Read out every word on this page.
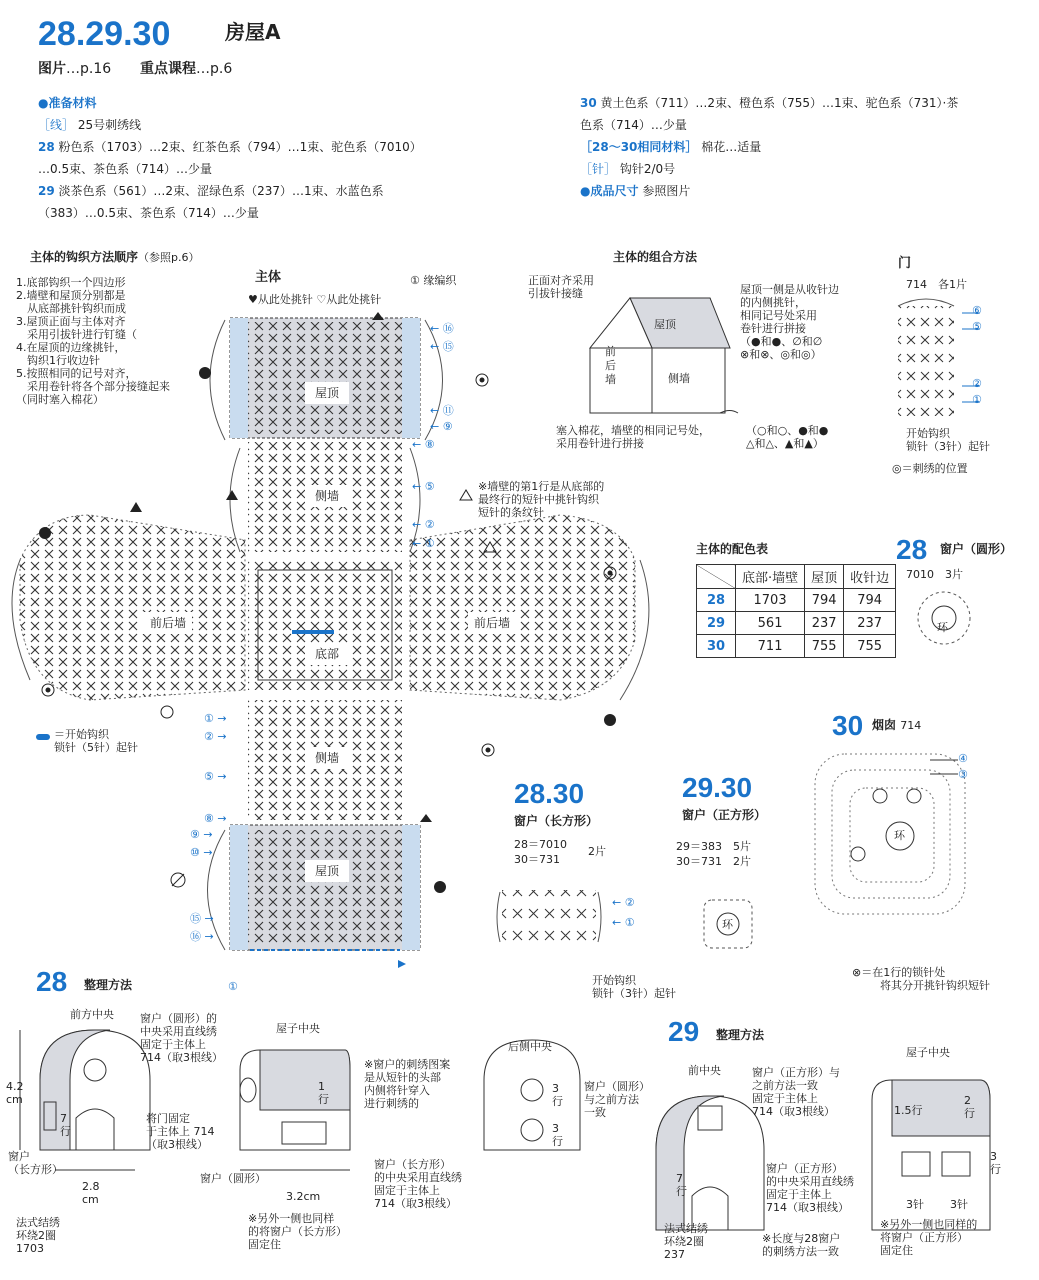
28.29.30	房屋A
图片…p.16 重点课程…p.6
●准备材料
［线］ 25号刺绣线
28 粉色系（1703）…2束、红茶色系（794）…1束、驼色系（7010）
…0.5束、茶色系（714）…少量
29 淡茶色系（561）…2束、涩绿色系（237）…1束、水蓝色系
（383）…0.5束、茶色系（714）…少量
30 黄土色系（711）…2束、橙色系（755）…1束、驼色系（731）·茶
色系（714）…少量
［28～30相同材料］ 棉花…适量
［针］ 钩针2/0号
●成品尺寸 参照图片
主体的钩织方法顺序（参照p.6）
1.底部钩织一个四边形
2.墙壁和屋顶分别都是
　从底部挑针钩织而成
3.屋顶正面与主体对齐
　采用引拔针进行钉缝（
4.在屋顶的边缘挑针，
　钩织1行收边针
5.按照相同的记号对齐，
　采用卷针将各个部分接缝起来
（同时塞入棉花）
主体
♥从此处挑针 ♡从此处挑针
① 缘编织
屋顶
侧墙
底部
侧墙
屋顶
前后墙	前后墙
※墙壁的第1行是从底部的
最终行的短针中挑针钩织
短针的条纹针
＝开始钩织
锁针（5针）起针
← ⑯
← ⑮
← ⑪
← ⑨
← ⑧
← ⑤
← ②
← ①
① →
② →
⑤ →
⑧ →
⑨ →
⑩ →
⑮ →
⑯ →
①
主体的组合方法
屋顶
前后墙	侧墙
正面对齐采用
引拔针接缝	屋顶一侧是从收针边
的内侧挑针，
相同记号处采用
卷针进行拼接
（●和●、∅和∅
⊗和⊗、◎和◎）
塞入棉花，墙壁的相同记号处，
采用卷针进行拼接
（○和○、●和●
△和△、▲和▲）
门
714　 各1片
⑥
⑤
②
①
开始钩织
锁针（3针）起针
◎＝刺绣的位置
主体的配色表
	底部·墙壁	屋顶	收针边
28	1703	794	794
29	561	237	237
30	711	755	755
28 窗户（圆形）
7010　 3片
环
30 烟囱 714
环
④
③
⊗＝在1行的锁针处
将其分开挑针钩织短针
28.30
窗户（长方形）
28＝7010
30＝731
2片
← ②
← ①
开始钩织
锁针（3针）起针
29.30
窗户（正方形）
29＝383　 5片
30＝731　 2片
环
28 整理方法
前方中央 窗户（圆形）的
中央采用直线绣
固定于主体上
714（取3根线）
4.2
cm
7
行
窗户
（长方形）
2.8
cm
法式结绣
环绕2圈
1703
将门固定
于主体上 714
（取3根线）
屋子中央
1
行
窗户（圆形）
3.2cm
※另外一侧也同样
的将窗户（长方形）
固定住
※窗户的刺绣图案
是从短针的头部
内侧将针穿入
进行刺绣的
窗户（长方形）
的中央采用直线绣
固定于主体上
714（取3根线）
后侧中央
窗户（圆形）
与之前方法
一致
3
行
3
行
29 整理方法
前中央	窗户（正方形）与
之前方法一致
固定于主体上
714（取3根线）
7
行
法式结绣
环绕2圈
237
窗户（正方形）
的中央采用直线绣
固定于主体上
714（取3根线）
※长度与28窗户
的刺绣方法一致
屋子中央
1.5行
2
行
3
行
3针 3针
※另外一侧也同样的
将窗户（正方形）
固定住
